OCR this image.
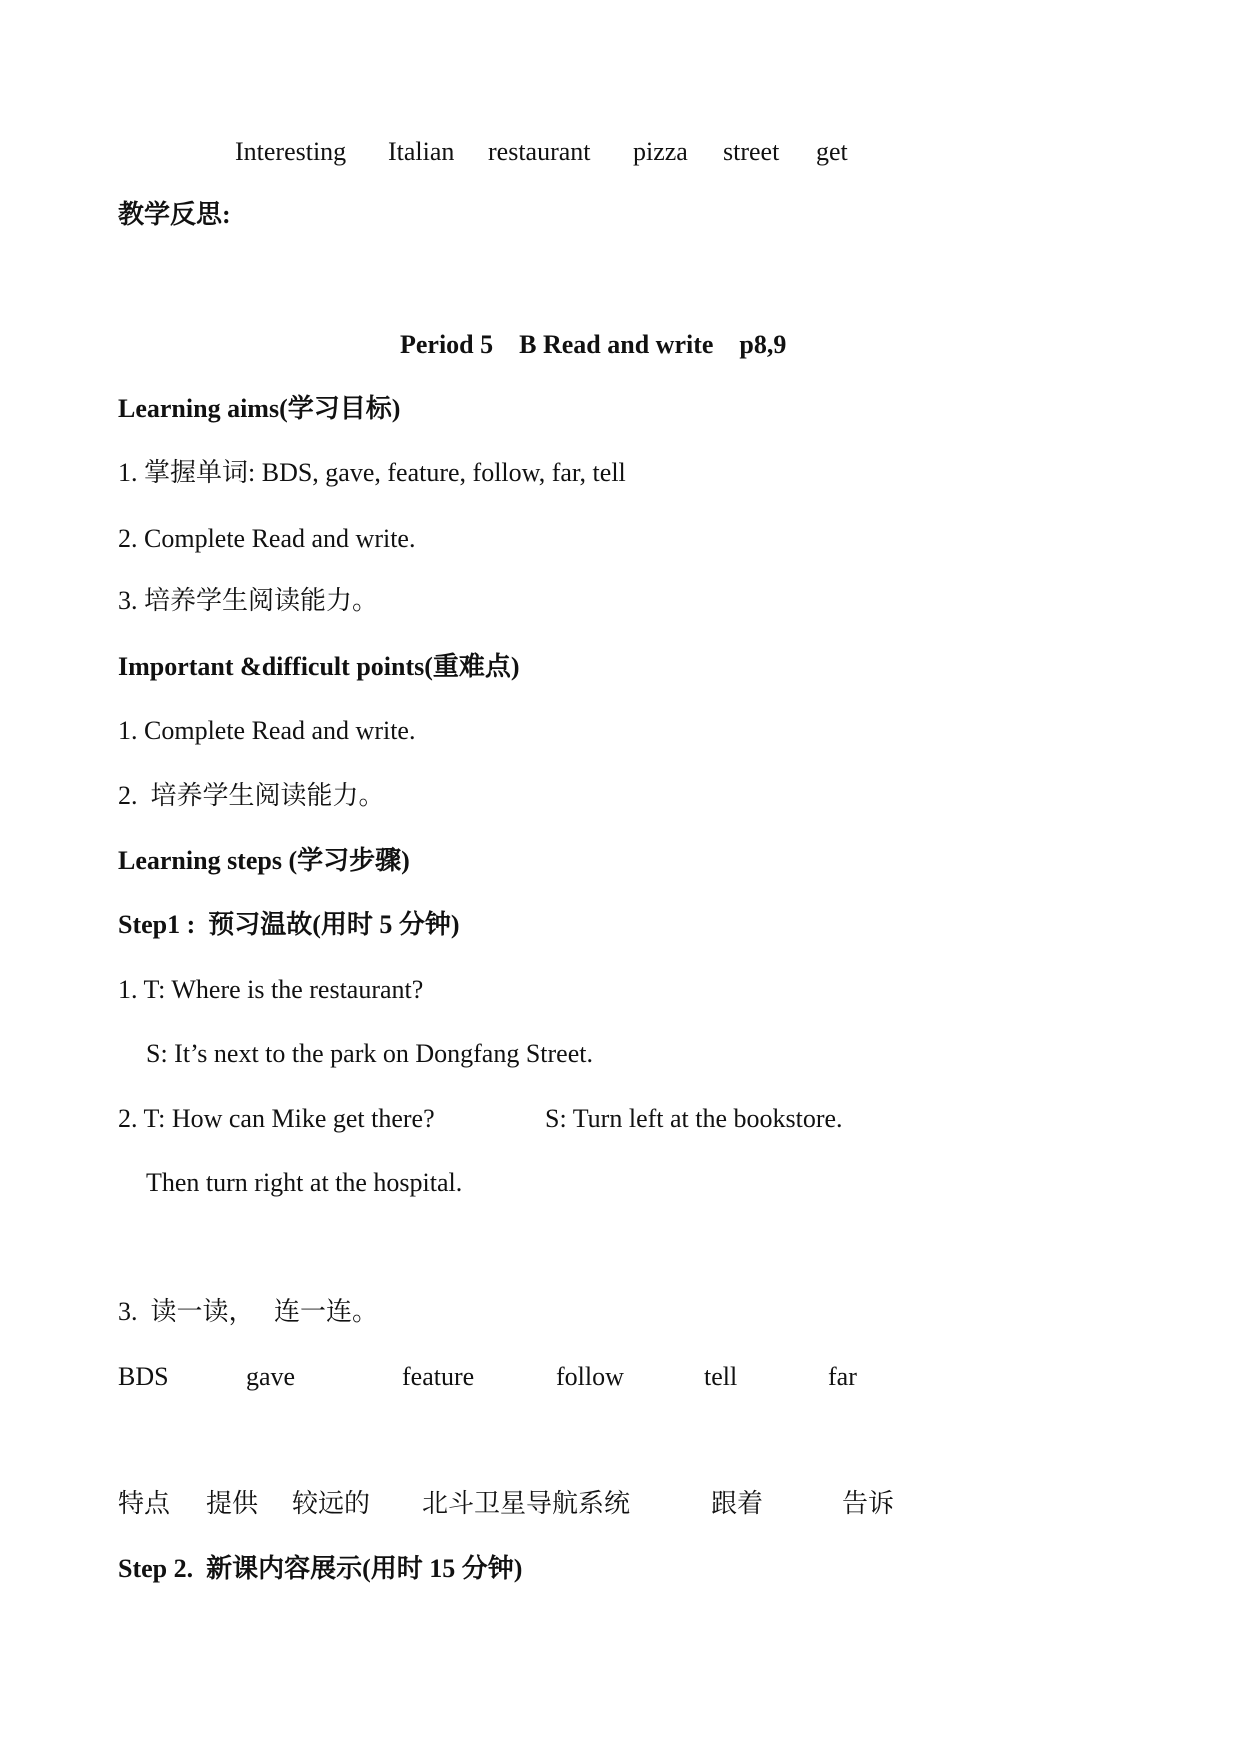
Interesting Italian restaurant pizza street get
教学反思:
Period 5    B Read and write    p8,9
Learning aims(学习目标)
1. 掌握单词: BDS, gave, feature, follow, far, tell
2. Complete Read and write.
3. 培养学生阅读能力。
Important &difficult points(重难点)
1. Complete Read and write.
2.  培养学生阅读能力。
Learning steps (学习步骤)
Step1 :  预习温故(用时 5 分钟)
1. T: Where is the restaurant?
S: It’s next to the park on Dongfang Street.
2. T: How can Mike get there?	S: Turn left at the bookstore.
Then turn right at the hospital.
3.  读一读，   连一连。
BDS	gave	feature	follow	tell	far
特点 提供 较远的 北斗卫星导航系统	跟着	告诉
Step 2.  新课内容展示(用时 15 分钟)
